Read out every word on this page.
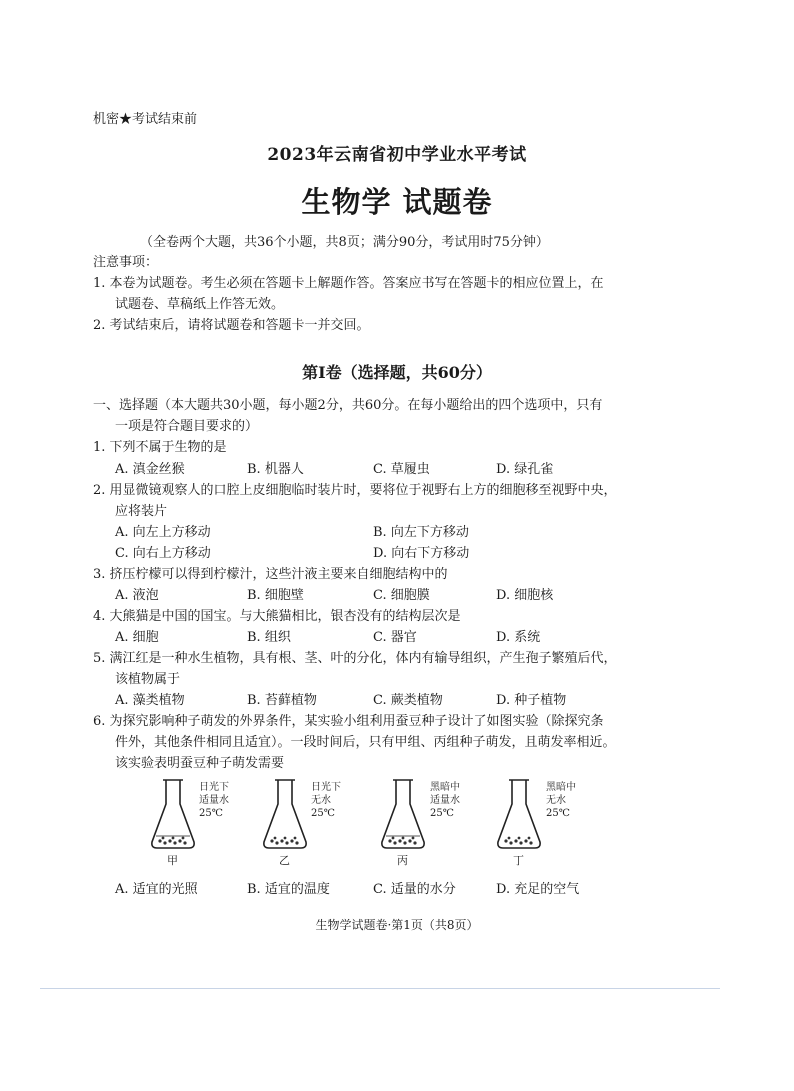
机密★考试结束前
2023年云南省初中学业水平考试
生物学 试题卷
（全卷两个大题，共36个小题，共8页；满分90分，考试用时75分钟）
注意事项：
1. 本卷为试题卷。考生必须在答题卡上解题作答。答案应书写在答题卡的相应位置上，在
试题卷、草稿纸上作答无效。
2. 考试结束后，请将试题卷和答题卡一并交回。
第Ⅰ卷（选择题，共60分）
一、选择题（本大题共30小题，每小题2分，共60分。在每小题给出的四个选项中，只有
一项是符合题目要求的）
1. 下列不属于生物的是
A. 滇金丝猴	B. 机器人	C. 草履虫	D. 绿孔雀
2. 用显微镜观察人的口腔上皮细胞临时装片时，要将位于视野右上方的细胞移至视野中央，
应将装片
A. 向左上方移动	B. 向左下方移动
C. 向右上方移动	D. 向右下方移动
3. 挤压柠檬可以得到柠檬汁，这些汁液主要来自细胞结构中的
A. 液泡	B. 细胞壁	C. 细胞膜	D. 细胞核
4. 大熊猫是中国的国宝。与大熊猫相比，银杏没有的结构层次是
A. 细胞	B. 组织	C. 器官	D. 系统
5. 满江红是一种水生植物，具有根、茎、叶的分化，体内有输导组织，产生孢子繁殖后代，
该植物属于
A. 藻类植物	B. 苔藓植物	C. 蕨类植物	D. 种子植物
6. 为探究影响种子萌发的外界条件，某实验小组利用蚕豆种子设计了如图实验（除探究条
件外，其他条件相同且适宜）。一段时间后，只有甲组、丙组种子萌发，且萌发率相近。
该实验表明蚕豆种子萌发需要
日光下
适量水
25℃
甲
日光下
无水
25℃
乙
黑暗中
适量水
25℃
丙
黑暗中
无水
25℃
丁
A. 适宜的光照	B. 适宜的温度	C. 适量的水分	D. 充足的空气
生物学试题卷·第1页（共8页）
